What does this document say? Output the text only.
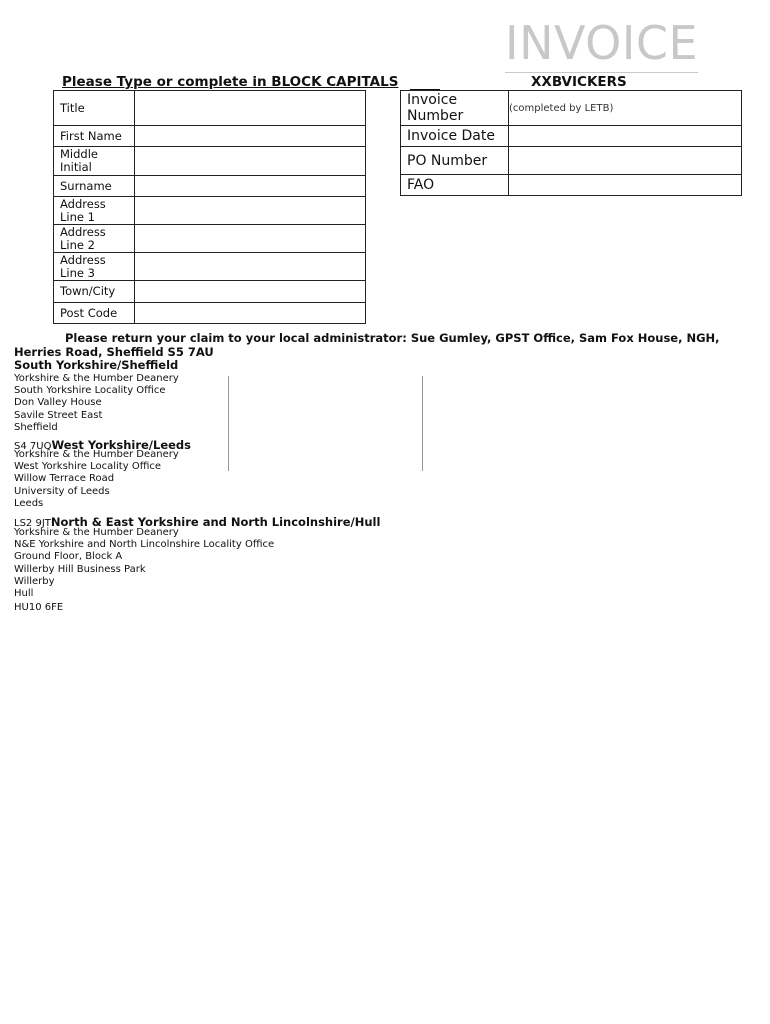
INVOICE
Please Type or complete in BLOCK CAPITALS	XXBVICKERS
Title	
First Name	
Middle Initial	
Surname	
Address Line 1	
Address Line 2	
Address Line 3	
Town/City	
Post Code	
Invoice Number	(completed by LETB)
Invoice Date	
PO Number	
FAO	
Please return your claim to your local administrator: Sue Gumley, GPST Office, Sam Fox House, NGH, Herries Road, Sheffield S5 7AU
South Yorkshire/Sheffield
Yorkshire & the Humber Deanery
South Yorkshire Locality Office
Don Valley House
Savile Street East
Sheffield
S4 7UQWest Yorkshire/Leeds
Yorkshire & the Humber Deanery
West Yorkshire Locality Office
Willow Terrace Road
University of Leeds
Leeds
LS2 9JTNorth & East Yorkshire and North Lincolnshire/Hull
Yorkshire & the Humber Deanery
N&E Yorkshire and North Lincolnshire Locality Office
Ground Floor, Block A
Willerby Hill Business Park
Willerby
Hull
HU10 6FE
